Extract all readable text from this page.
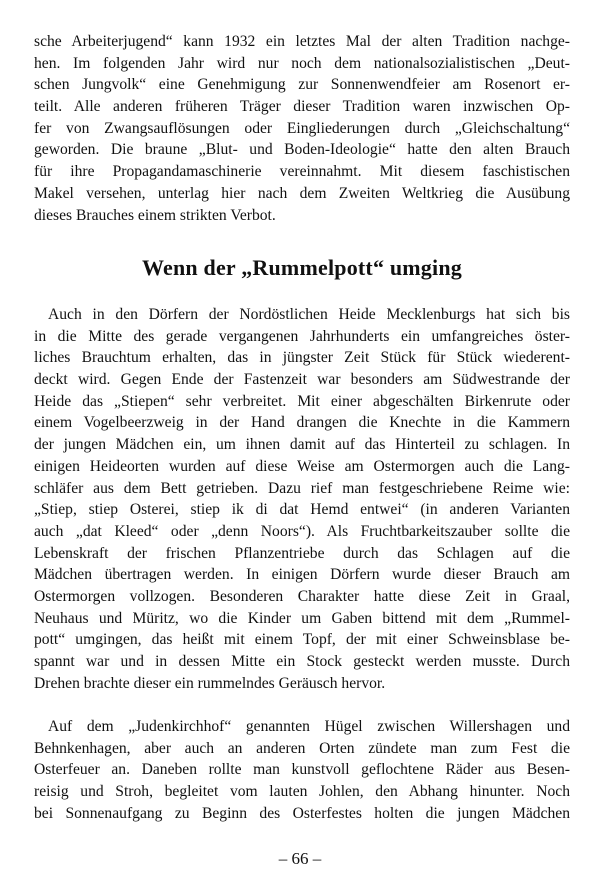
sche Arbeiterjugend“ kann 1932 ein letztes Mal der alten Tradition nachge-
hen. Im folgenden Jahr wird nur noch dem nationalsozialistischen „Deut-
schen Jungvolk“ eine Genehmigung zur Sonnenwendfeier am Rosenort er-
teilt. Alle anderen früheren Träger dieser Tradition waren inzwischen Op-
fer von Zwangsauflösungen oder Eingliederungen durch „Gleichschaltung“
geworden. Die braune „Blut- und Boden-Ideologie“ hatte den alten Brauch
für ihre Propagandamaschinerie vereinnahmt. Mit diesem faschistischen
Makel versehen, unterlag hier nach dem Zweiten Weltkrieg die Ausübung
dieses Brauches einem strikten Verbot.
Wenn der „Rummelpott“ umging
Auch in den Dörfern der Nordöstlichen Heide Mecklenburgs hat sich bis
in die Mitte des gerade vergangenen Jahrhunderts ein umfangreiches öster-
liches Brauchtum erhalten, das in jüngster Zeit Stück für Stück wiederent-
deckt wird. Gegen Ende der Fastenzeit war besonders am Südwestrande der
Heide das „Stiepen“ sehr verbreitet. Mit einer abgeschälten Birkenrute oder
einem Vogelbeerzweig in der Hand drangen die Knechte in die Kammern
der jungen Mädchen ein, um ihnen damit auf das Hinterteil zu schlagen. In
einigen Heideorten wurden auf diese Weise am Ostermorgen auch die Lang-
schläfer aus dem Bett getrieben. Dazu rief man festgeschriebene Reime wie:
„Stiep, stiep Osterei, stiep ik di dat Hemd entwei“ (in anderen Varianten
auch „dat Kleed“ oder „denn Noors“). Als Fruchtbarkeitszauber sollte die
Lebenskraft der frischen Pflanzentriebe durch das Schlagen auf die
Mädchen übertragen werden. In einigen Dörfern wurde dieser Brauch am
Ostermorgen vollzogen. Besonderen Charakter hatte diese Zeit in Graal,
Neuhaus und Müritz, wo die Kinder um Gaben bittend mit dem „Rummel-
pott“ umgingen, das heißt mit einem Topf, der mit einer Schweinsblase be-
spannt war und in dessen Mitte ein Stock gesteckt werden musste. Durch
Drehen brachte dieser ein rummelndes Geräusch hervor.
Auf dem „Judenkirchhof“ genannten Hügel zwischen Willershagen und
Behnkenhagen, aber auch an anderen Orten zündete man zum Fest die
Osterfeuer an. Daneben rollte man kunstvoll geflochtene Räder aus Besen-
reisig und Stroh, begleitet vom lauten Johlen, den Abhang hinunter. Noch
bei Sonnenaufgang zu Beginn des Osterfestes holten die jungen Mädchen
– 66 –
